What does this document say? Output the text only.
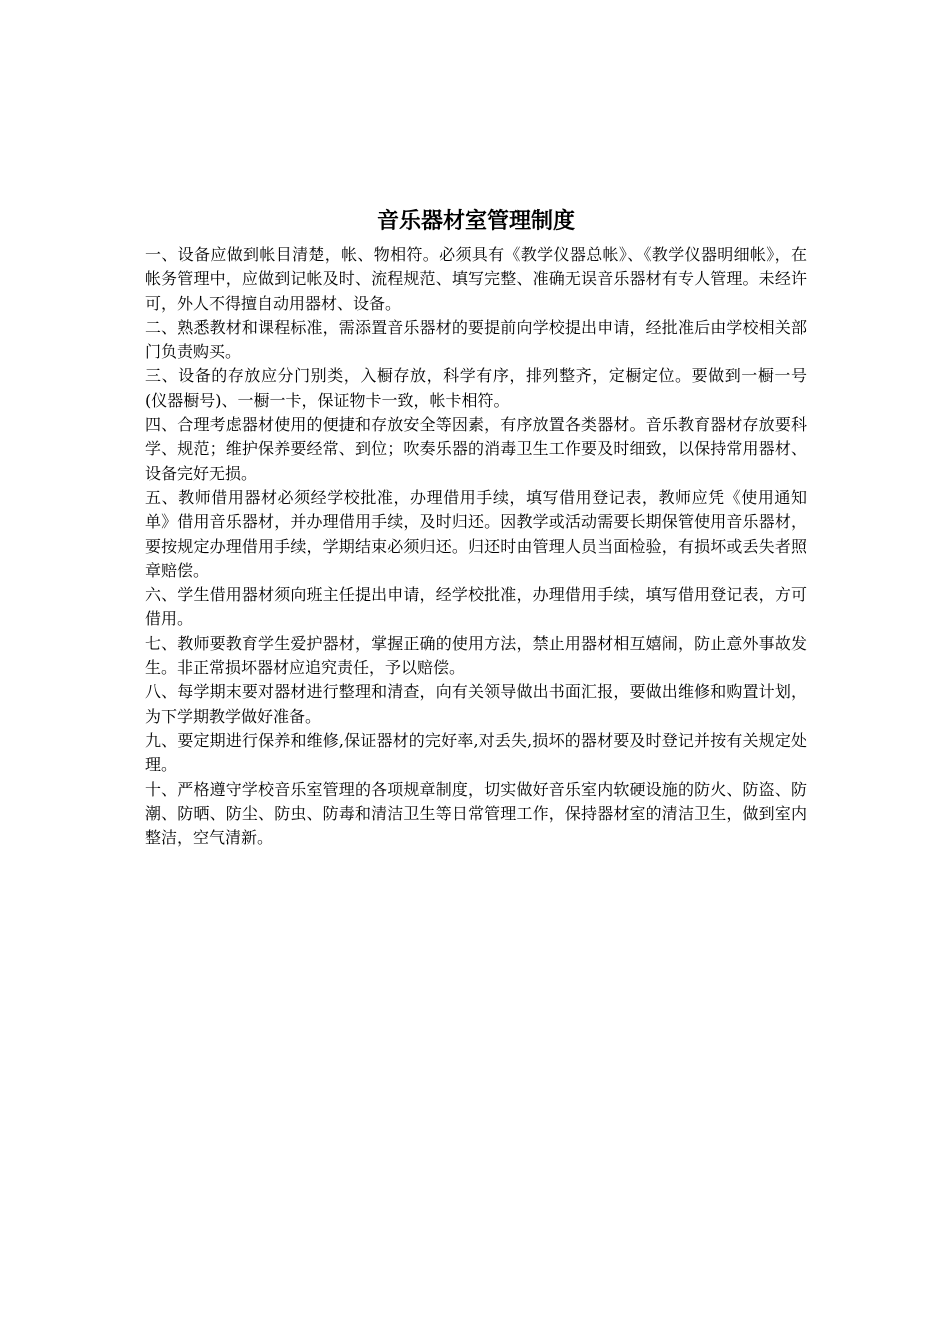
音乐器材室管理制度

一、设备应做到帐目清楚，帐、物相符。必须具有《教学仪器总帐》、《教学仪器明细帐》，在帐务管理中，应做到记帐及时、流程规范、填写完整、准确无误音乐器材有专人管理。未经许可，外人不得擅自动用器材、设备。

二、熟悉教材和课程标准，需添置音乐器材的要提前向学校提出申请，经批准后由学校相关部门负责购买。

三、设备的存放应分门别类，入橱存放，科学有序，排列整齐，定橱定位。要做到一橱一号(仪器橱号)、一橱一卡，保证物卡一致，帐卡相符。

四、合理考虑器材使用的便捷和存放安全等因素，有序放置各类器材。音乐教育器材存放要科学、规范；维护保养要经常、到位；吹奏乐器的消毒卫生工作要及时细致，以保持常用器材、设备完好无损。

五、教师借用器材必须经学校批准，办理借用手续，填写借用登记表，教师应凭《使用通知单》借用音乐器材，并办理借用手续，及时归还。因教学或活动需要长期保管使用音乐器材，要按规定办理借用手续，学期结束必须归还。归还时由管理人员当面检验，有损坏或丢失者照章赔偿。

六、学生借用器材须向班主任提出申请，经学校批准，办理借用手续，填写借用登记表，方可借用。

七、教师要教育学生爱护器材，掌握正确的使用方法，禁止用器材相互嬉闹，防止意外事故发生。非正常损坏器材应追究责任，予以赔偿。

八、每学期末要对器材进行整理和清查，向有关领导做出书面汇报，要做出维修和购置计划，为下学期教学做好准备。

九、要定期进行保养和维修,保证器材的完好率,对丢失,损坏的器材要及时登记并按有关规定处理。

十、严格遵守学校音乐室管理的各项规章制度，切实做好音乐室内软硬设施的防火、防盗、防潮、防晒、防尘、防虫、防毒和清洁卫生等日常管理工作，保持器材室的清洁卫生，做到室内整洁，空气清新。
